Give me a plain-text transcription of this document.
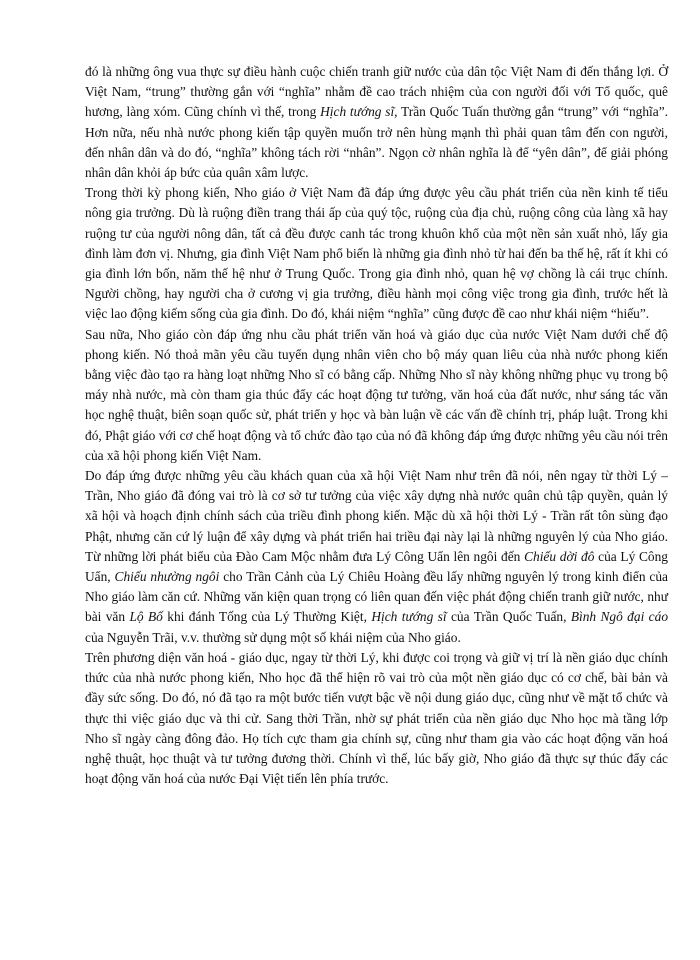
đó là những ông vua thực sự điều hành cuộc chiến tranh giữ nước của dân tộc Việt Nam đi đến thắng lợi. Ở Việt Nam, “trung” thường gắn với “nghĩa” nhằm đề cao trách nhiệm của con người đối với Tổ quốc, quê hương, làng xóm. Cũng chính vì thế, trong Hịch tướng sĩ, Trần Quốc Tuấn thường gắn “trung” với “nghĩa”. Hơn nữa, nếu nhà nước phong kiến tập quyền muốn trở nên hùng mạnh thì phải quan tâm đến con người, đến nhân dân và do đó, “nghĩa” không tách rời “nhân”. Ngọn cờ nhân nghĩa là để “yên dân”, để giải phóng nhân dân khỏi áp bức của quân xâm lược.

Trong thời kỳ phong kiến, Nho giáo ở Việt Nam đã đáp ứng được yêu cầu phát triển của nền kinh tế tiểu nông gia trưởng. Dù là ruộng điền trang thái ấp của quý tộc, ruộng của địa chủ, ruộng công của làng xã hay ruộng tư của người nông dân, tất cả đều được canh tác trong khuôn khổ của một nền sản xuất nhỏ, lấy gia đình làm đơn vị. Nhưng, gia đình Việt Nam phổ biến là những gia đình nhỏ từ hai đến ba thế hệ, rất ít khi có gia đình lớn bốn, năm thế hệ như ở Trung Quốc. Trong gia đình nhỏ, quan hệ vợ chồng là cái trục chính. Người chồng, hay người cha ở cương vị gia trưởng, điều hành mọi công việc trong gia đình, trước hết là việc lao động kiếm sống của gia đình. Do đó, khái niệm “nghĩa” cũng được đề cao như khái niệm “hiếu”.

Sau nữa, Nho giáo còn đáp ứng nhu cầu phát triển văn hoá và giáo dục của nước Việt Nam dưới chế độ phong kiến. Nó thoả mãn yêu cầu tuyển dụng nhân viên cho bộ máy quan liêu của nhà nước phong kiến bằng việc đào tạo ra hàng loạt những Nho sĩ có bằng cấp. Những Nho sĩ này không những phục vụ trong bộ máy nhà nước, mà còn tham gia thúc đẩy các hoạt động tư tưởng, văn hoá của đất nước, như sáng tác văn học nghệ thuật, biên soạn quốc sử, phát triển y học và bàn luận về các vấn đề chính trị, pháp luật. Trong khi đó, Phật giáo với cơ chế hoạt động và tổ chức đào tạo của nó đã không đáp ứng được những yêu cầu nói trên của xã hội phong kiến Việt Nam.

Do đáp ứng được những yêu cầu khách quan của xã hội Việt Nam như trên đã nói, nên ngay từ thời Lý – Trần, Nho giáo đã đóng vai trò là cơ sở tư tưởng của việc xây dựng nhà nước quân chủ tập quyền, quản lý xã hội và hoạch định chính sách của triều đình phong kiến. Mặc dù xã hội thời Lý - Trần rất tôn sùng đạo Phật, nhưng căn cứ lý luận để xây dựng và phát triển hai triều đại này lại là những nguyên lý của Nho giáo. Từ những lời phát biểu của Đào Cam Mộc nhằm đưa Lý Công Uẩn lên ngôi đến Chiếu dời đô của Lý Công Uẩn, Chiếu nhường ngôi cho Trần Cảnh của Lý Chiêu Hoàng đều lấy những nguyên lý trong kinh điển của Nho giáo làm căn cứ. Những văn kiện quan trọng có liên quan đến việc phát động chiến tranh giữ nước, như bài văn Lộ Bố khi đánh Tống của Lý Thường Kiệt, Hịch tướng sĩ của Trần Quốc Tuấn, Bình Ngô đại cáo của Nguyễn Trãi, v.v. thường sử dụng một số khái niệm của Nho giáo.

Trên phương diện văn hoá - giáo dục, ngay từ thời Lý, khi được coi trọng và giữ vị trí là nền giáo dục chính thức của nhà nước phong kiến, Nho học đã thể hiện rõ vai trò của một nền giáo dục có cơ chế, bài bản và đầy sức sống. Do đó, nó đã tạo ra một bước tiến vượt bậc về nội dung giáo dục, cũng như về mặt tổ chức và thực thi việc giáo dục và thi cử. Sang thời Trần, nhờ sự phát triển của nền giáo dục Nho học mà tầng lớp Nho sĩ ngày càng đông đảo. Họ tích cực tham gia chính sự, cũng như tham gia vào các hoạt động văn hoá nghệ thuật, học thuật và tư tưởng đương thời. Chính vì thế, lúc bấy giờ, Nho giáo đã thực sự thúc đẩy các hoạt động văn hoá của nước Đại Việt tiến lên phía trước.
